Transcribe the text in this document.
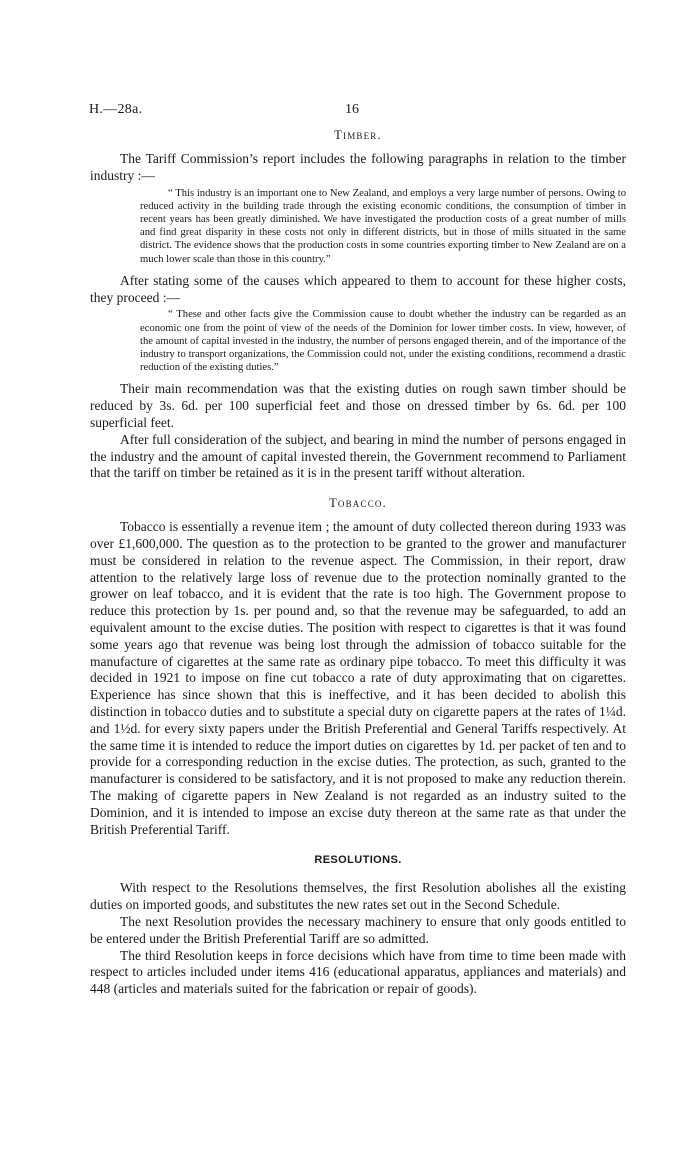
H.—28a.	16
Timber.

The Tariff Commission’s report includes the following paragraphs in relation to the timber industry :—

“ This industry is an important one to New Zealand, and employs a very large number of persons. Owing to reduced activity in the building trade through the existing economic conditions, the consumption of timber in recent years has been greatly diminished. We have investigated the production costs of a great number of mills and find great disparity in these costs not only in different districts, but in those of mills situated in the same district. The evidence shows that the production costs in some countries exporting timber to New Zealand are on a much lower scale than those in this country.”

After stating some of the causes which appeared to them to account for these higher costs, they proceed :—

“ These and other facts give the Commission cause to doubt whether the industry can be regarded as an economic one from the point of view of the needs of the Dominion for lower timber costs. In view, however, of the amount of capital invested in the industry, the number of persons engaged therein, and of the importance of the industry to transport organizations, the Commission could not, under the existing conditions, recommend a drastic reduction of the existing duties.”

Their main recommendation was that the existing duties on rough sawn timber should be reduced by 3s. 6d. per 100 superficial feet and those on dressed timber by 6s. 6d. per 100 superficial feet.

After full consideration of the subject, and bearing in mind the number of persons engaged in the industry and the amount of capital invested therein, the Government recommend to Parliament that the tariff on timber be retained as it is in the present tariff without alteration.

Tobacco.

Tobacco is essentially a revenue item ; the amount of duty collected thereon during 1933 was over £1,600,000. The question as to the protection to be granted to the grower and manufacturer must be considered in relation to the revenue aspect. The Commission, in their report, draw attention to the relatively large loss of revenue due to the protection nominally granted to the grower on leaf tobacco, and it is evident that the rate is too high. The Government propose to reduce this protection by 1s. per pound and, so that the revenue may be safeguarded, to add an equivalent amount to the excise duties. The position with respect to cigarettes is that it was found some years ago that revenue was being lost through the admission of tobacco suitable for the manufacture of cigarettes at the same rate as ordinary pipe tobacco. To meet this difficulty it was decided in 1921 to impose on fine cut tobacco a rate of duty approximating that on cigarettes. Experience has since shown that this is ineffective, and it has been decided to abolish this distinction in tobacco duties and to substitute a special duty on cigarette papers at the rates of 1¼d. and 1½d. for every sixty papers under the British Preferential and General Tariffs respectively. At the same time it is intended to reduce the import duties on cigarettes by 1d. per packet of ten and to provide for a corresponding reduction in the excise duties. The protection, as such, granted to the manufacturer is considered to be satisfactory, and it is not proposed to make any reduction therein. The making of cigarette papers in New Zealand is not regarded as an industry suited to the Dominion, and it is intended to impose an excise duty thereon at the same rate as that under the British Preferential Tariff.

RESOLUTIONS.

With respect to the Resolutions themselves, the first Resolution abolishes all the existing duties on imported goods, and substitutes the new rates set out in the Second Schedule.

The next Resolution provides the necessary machinery to ensure that only goods entitled to be entered under the British Preferential Tariff are so admitted.

The third Resolution keeps in force decisions which have from time to time been made with respect to articles included under items 416 (educational apparatus, appliances and materials) and 448 (articles and materials suited for the fabrication or repair of goods).
